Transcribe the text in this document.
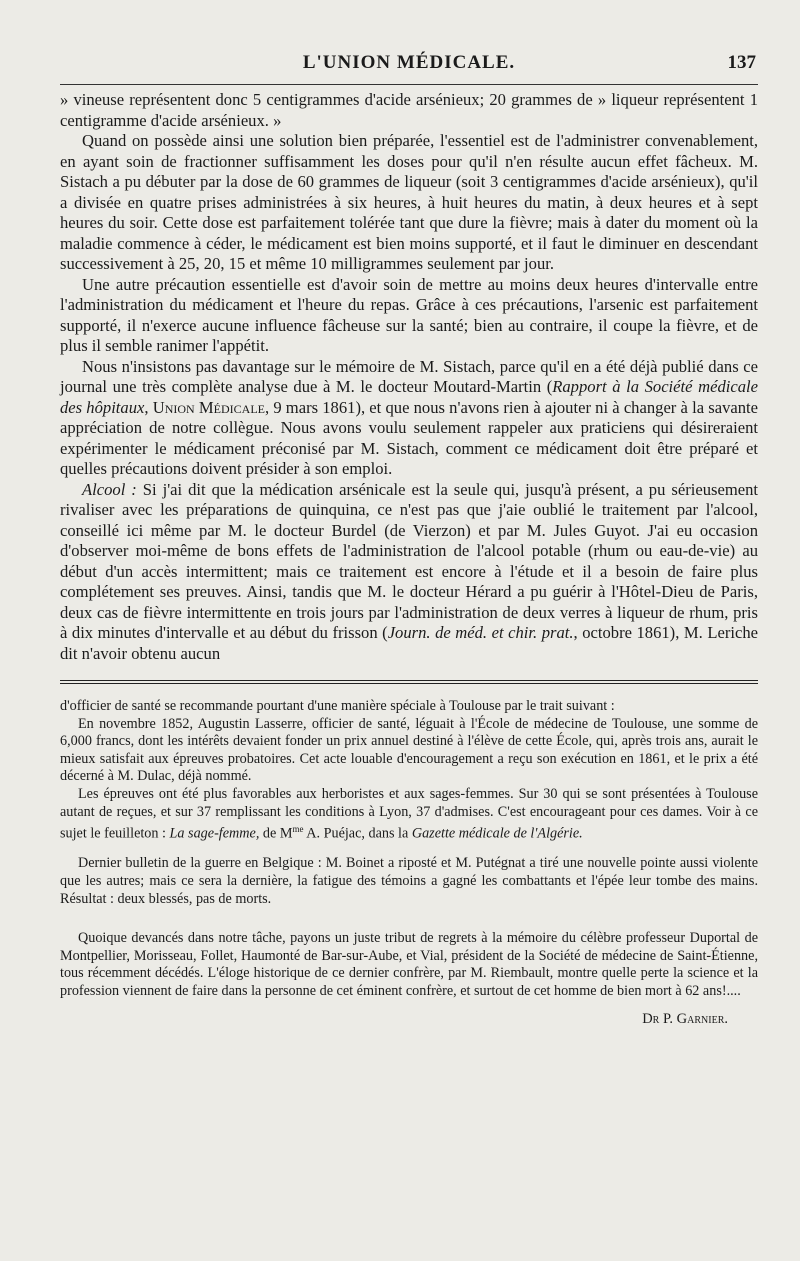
L'UNION MÉDICALE.	137

» vineuse représentent donc 5 centigrammes d'acide arsénieux; 20 grammes de » liqueur représentent 1 centigramme d'acide arsénieux. »

Quand on possède ainsi une solution bien préparée, l'essentiel est de l'administrer convenablement, en ayant soin de fractionner suffisamment les doses pour qu'il n'en résulte aucun effet fâcheux. M. Sistach a pu débuter par la dose de 60 grammes de liqueur (soit 3 centigrammes d'acide arsénieux), qu'il a divisée en quatre prises administrées à six heures, à huit heures du matin, à deux heures et à sept heures du soir. Cette dose est parfaitement tolérée tant que dure la fièvre; mais à dater du moment où la maladie commence à céder, le médicament est bien moins supporté, et il faut le diminuer en descendant successivement à 25, 20, 15 et même 10 milligrammes seulement par jour.

Une autre précaution essentielle est d'avoir soin de mettre au moins deux heures d'intervalle entre l'administration du médicament et l'heure du repas. Grâce à ces précautions, l'arsenic est parfaitement supporté, il n'exerce aucune influence fâcheuse sur la santé; bien au contraire, il coupe la fièvre, et de plus il semble ranimer l'appétit.

Nous n'insistons pas davantage sur le mémoire de M. Sistach, parce qu'il en a été déjà publié dans ce journal une très complète analyse due à M. le docteur Moutard-Martin (Rapport à la Société médicale des hôpitaux, Union Médicale, 9 mars 1861), et que nous n'avons rien à ajouter ni à changer à la savante appréciation de notre collègue. Nous avons voulu seulement rappeler aux praticiens qui désireraient expérimenter le médicament préconisé par M. Sistach, comment ce médicament doit être préparé et quelles précautions doivent présider à son emploi.

Alcool : Si j'ai dit que la médication arsénicale est la seule qui, jusqu'à présent, a pu sérieusement rivaliser avec les préparations de quinquina, ce n'est pas que j'aie oublié le traitement par l'alcool, conseillé ici même par M. le docteur Burdel (de Vierzon) et par M. Jules Guyot. J'ai eu occasion d'observer moi-même de bons effets de l'administration de l'alcool potable (rhum ou eau-de-vie) au début d'un accès intermittent; mais ce traitement est encore à l'étude et il a besoin de faire plus complétement ses preuves. Ainsi, tandis que M. le docteur Hérard a pu guérir à l'Hôtel-Dieu de Paris, deux cas de fièvre intermittente en trois jours par l'administration de deux verres à liqueur de rhum, pris à dix minutes d'intervalle et au début du frisson (Journ. de méd. et chir. prat., octobre 1861), M. Leriche dit n'avoir obtenu aucun

d'officier de santé se recommande pourtant d'une manière spéciale à Toulouse par le trait suivant :

En novembre 1852, Augustin Lasserre, officier de santé, léguait à l'École de médecine de Toulouse, une somme de 6,000 francs, dont les intérêts devaient fonder un prix annuel destiné à l'élève de cette École, qui, après trois ans, aurait le mieux satisfait aux épreuves probatoires. Cet acte louable d'encouragement a reçu son exécution en 1861, et le prix a été décerné à M. Dulac, déjà nommé.

Les épreuves ont été plus favorables aux herboristes et aux sages-femmes. Sur 30 qui se sont présentées à Toulouse autant de reçues, et sur 37 remplissant les conditions à Lyon, 37 d'admises. C'est encourageant pour ces dames. Voir à ce sujet le feuilleton : La sage-femme, de $M^{me}$ A. Puéjac, dans la Gazette médicale de l'Algérie.

Dernier bulletin de la guerre en Belgique : M. Boinet a riposté et M. Putégnat a tiré une nouvelle pointe aussi violente que les autres; mais ce sera la dernière, la fatigue des témoins a gagné les combattants et l'épée leur tombe des mains. Résultat : deux blessés, pas de morts.

Quoique devancés dans notre tâche, payons un juste tribut de regrets à la mémoire du célèbre professeur Duportal de Montpellier, Morisseau, Follet, Haumonté de Bar-sur-Aube, et Vial, président de la Société de médecine de Saint-Étienne, tous récemment décédés. L'éloge historique de ce dernier confrère, par M. Riembault, montre quelle perte la science et la profession viennent de faire dans la personne de cet éminent confrère, et surtout de cet homme de bien mort à 62 ans!....

Dr P. Garnier.
